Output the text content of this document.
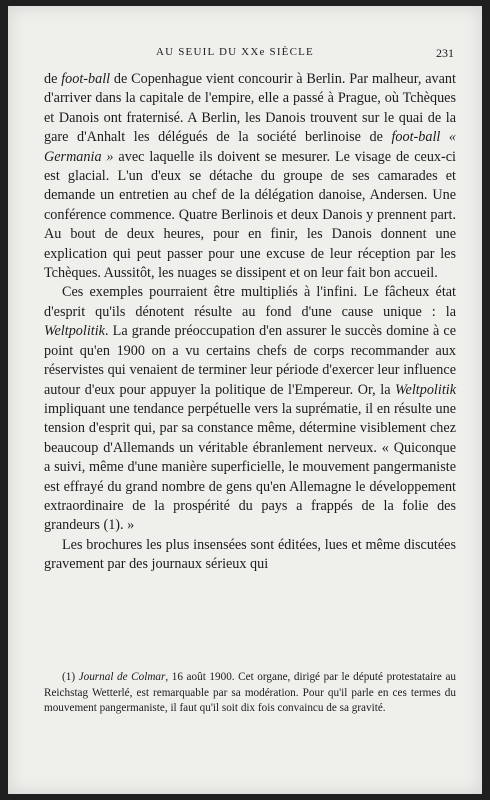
AU SEUIL DU XXe SIÈCLE	231

de foot-ball de Copenhague vient concourir à Berlin. Par malheur, avant d'arriver dans la capitale de l'empire, elle a passé à Prague, où Tchèques et Danois ont fraternisé. A Berlin, les Danois trouvent sur le quai de la gare d'Anhalt les délégués de la société berlinoise de foot-ball « Germania » avec laquelle ils doivent se mesurer. Le visage de ceux-ci est glacial. L'un d'eux se détache du groupe de ses camarades et demande un entretien au chef de la délégation danoise, Andersen. Une conférence commence. Quatre Berlinois et deux Danois y prennent part. Au bout de deux heures, pour en finir, les Danois donnent une explication qui peut passer pour une excuse de leur réception par les Tchèques. Aussitôt, les nuages se dissipent et on leur fait bon accueil.

Ces exemples pourraient être multipliés à l'infini. Le fâcheux état d'esprit qu'ils dénotent résulte au fond d'une cause unique : la Weltpolitik. La grande préoccupation d'en assurer le succès domine à ce point qu'en 1900 on a vu certains chefs de corps recommander aux réservistes qui venaient de terminer leur période d'exercer leur influence autour d'eux pour appuyer la politique de l'Empereur. Or, la Weltpolitik impliquant une tendance perpétuelle vers la suprématie, il en résulte une tension d'esprit qui, par sa constance même, détermine visiblement chez beaucoup d'Allemands un véritable ébranlement nerveux. « Quiconque a suivi, même d'une manière superficielle, le mouvement pangermaniste est effrayé du grand nombre de gens qu'en Allemagne le développement extraordinaire de la prospérité du pays a frappés de la folie des grandeurs (1). »

Les brochures les plus insensées sont éditées, lues et même discutées gravement par des journaux sérieux qui

(1) Journal de Colmar, 16 août 1900. Cet organe, dirigé par le député protestataire au Reichstag Wetterlé, est remarquable par sa modération. Pour qu'il parle en ces termes du mouvement pangermaniste, il faut qu'il soit dix fois convaincu de sa gravité.
